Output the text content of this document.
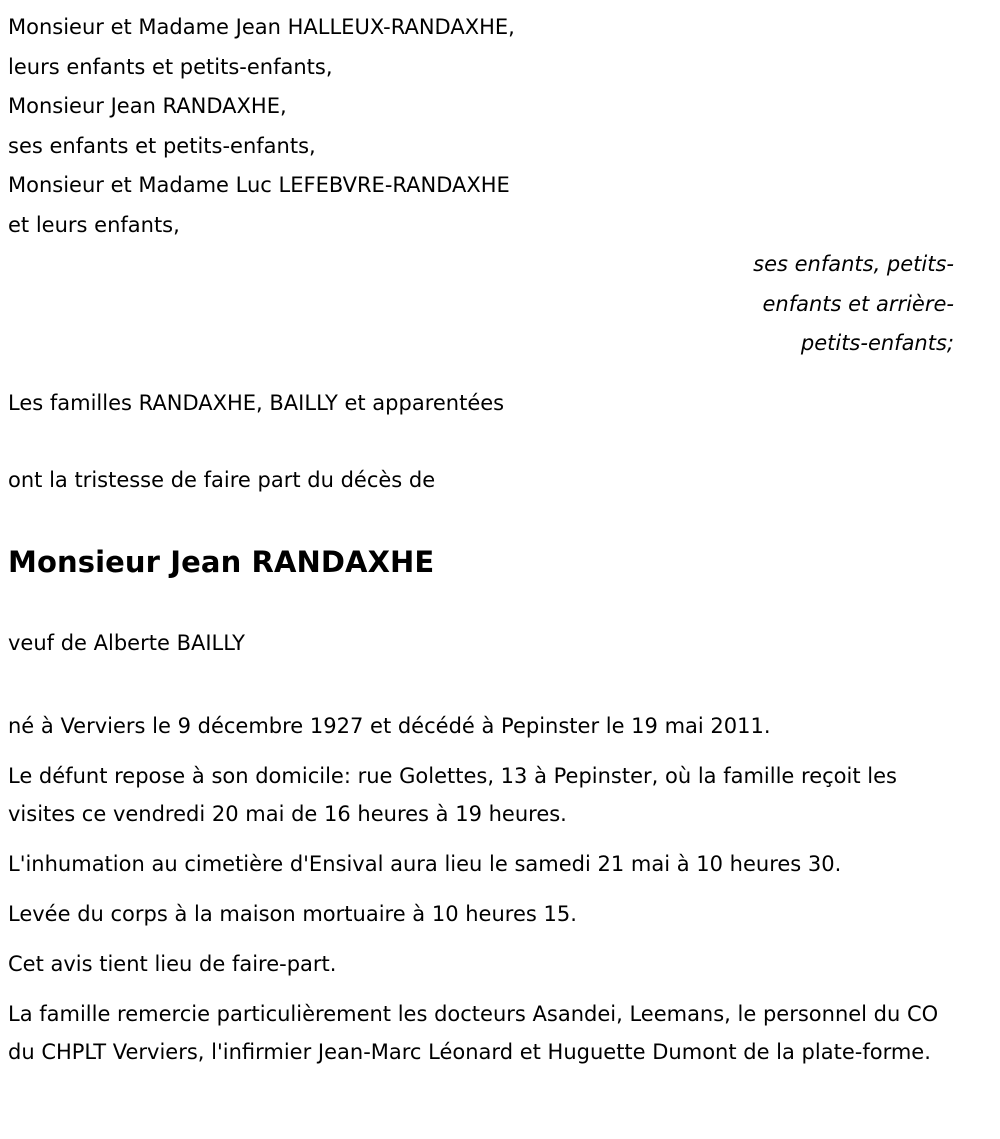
Monsieur et Madame Jean HALLEUX-RANDAXHE,
leurs enfants et petits-enfants,
Monsieur Jean RANDAXHE,
ses enfants et petits-enfants,
Monsieur et Madame Luc LEFEBVRE-RANDAXHE
et leurs enfants,
ses enfants, petits-enfants et arrière-petits-enfants;

Les familles RANDAXHE, BAILLY et apparentées

ont la tristesse de faire part du décès de

Monsieur Jean RANDAXHE

veuf de Alberte BAILLY

né à Verviers le 9 décembre 1927 et décédé à Pepinster le 19 mai 2011.

Le défunt repose à son domicile: rue Golettes, 13 à Pepinster, où la famille reçoit les visites ce vendredi 20 mai de 16 heures à 19 heures.

L'inhumation au cimetière d'Ensival aura lieu le samedi 21 mai à 10 heures 30.

Levée du corps à la maison mortuaire à 10 heures 15.

Cet avis tient lieu de faire-part.

La famille remercie particulièrement les docteurs Asandei, Leemans, le personnel du CO du CHPLT Verviers, l'infirmier Jean-Marc Léonard et Huguette Dumont de la plate-forme.
